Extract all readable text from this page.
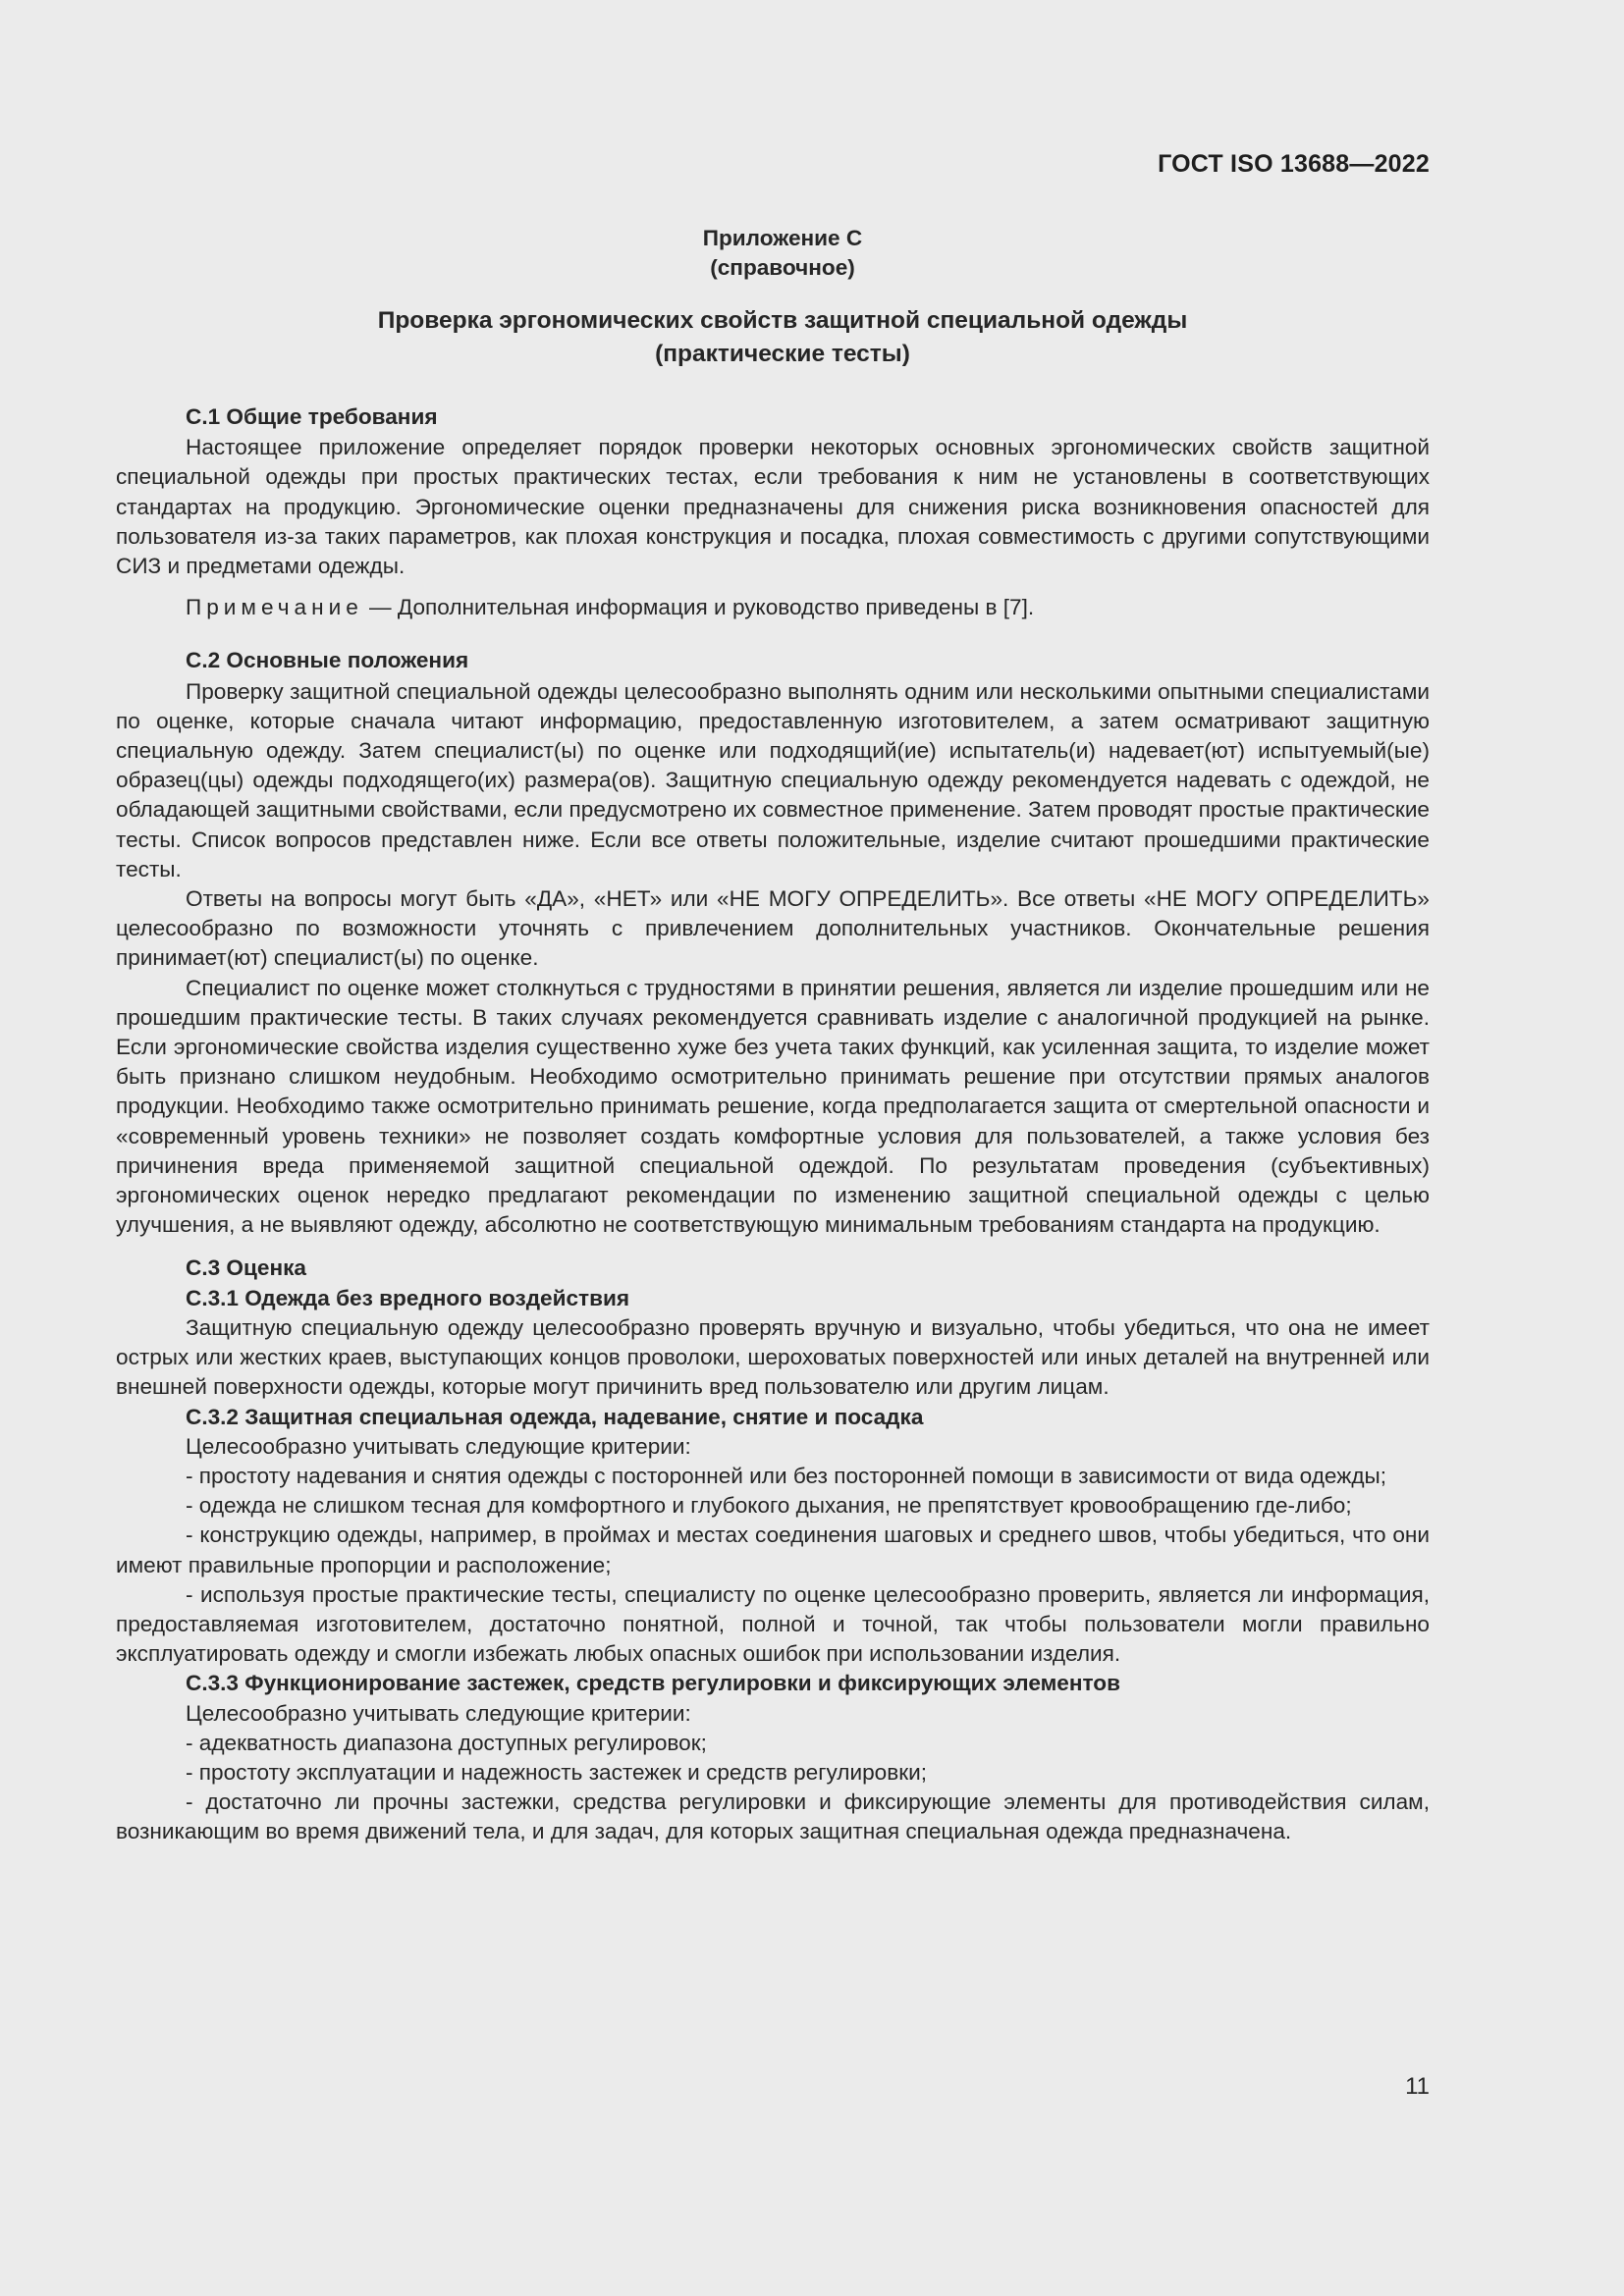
ГОСТ ISO 13688—2022
Приложение С
(справочное)
Проверка эргономических свойств защитной специальной одежды
(практические тесты)
С.1 Общие требования

Настоящее приложение определяет порядок проверки некоторых основных эргономических свойств защитной специальной одежды при простых практических тестах, если требования к ним не установлены в соответствующих стандартах на продукцию. Эргономические оценки предназначены для снижения риска возникновения опасностей для пользователя из-за таких параметров, как плохая конструкция и посадка, плохая совместимость с другими сопутствующими СИЗ и предметами одежды.

Примечание — Дополнительная информация и руководство приведены в [7].
С.2 Основные положения

Проверку защитной специальной одежды целесообразно выполнять одним или несколькими опытными специалистами по оценке, которые сначала читают информацию, предоставленную изготовителем, а затем осматривают защитную специальную одежду. Затем специалист(ы) по оценке или подходящий(ие) испытатель(и) надевает(ют) испытуемый(ые) образец(цы) одежды подходящего(их) размера(ов). Защитную специальную одежду рекомендуется надевать с одеждой, не обладающей защитными свойствами, если предусмотрено их совместное применение. Затем проводят простые практические тесты. Список вопросов представлен ниже. Если все ответы положительные, изделие считают прошедшими практические тесты.

Ответы на вопросы могут быть «ДА», «НЕТ» или «НЕ МОГУ ОПРЕДЕЛИТЬ». Все ответы «НЕ МОГУ ОПРЕДЕЛИТЬ» целесообразно по возможности уточнять с привлечением дополнительных участников. Окончательные решения принимает(ют) специалист(ы) по оценке.

Специалист по оценке может столкнуться с трудностями в принятии решения, является ли изделие прошедшим или не прошедшим практические тесты. В таких случаях рекомендуется сравнивать изделие с аналогичной продукцией на рынке. Если эргономические свойства изделия существенно хуже без учета таких функций, как усиленная защита, то изделие может быть признано слишком неудобным. Необходимо осмотрительно принимать решение при отсутствии прямых аналогов продукции. Необходимо также осмотрительно принимать решение, когда предполагается защита от смертельной опасности и «современный уровень техники» не позволяет создать комфортные условия для пользователей, а также условия без причинения вреда применяемой защитной специальной одеждой. По результатам проведения (субъективных) эргономических оценок нередко предлагают рекомендации по изменению защитной специальной одежды с целью улучшения, а не выявляют одежду, абсолютно не соответствующую минимальным требованиям стандарта на продукцию.

С.3 Оценка
С.3.1 Одежда без вредного воздействия

Защитную специальную одежду целесообразно проверять вручную и визуально, чтобы убедиться, что она не имеет острых или жестких краев, выступающих концов проволоки, шероховатых поверхностей или иных деталей на внутренней или внешней поверхности одежды, которые могут причинить вред пользователю или другим лицам.

С.3.2 Защитная специальная одежда, надевание, снятие и посадка

Целесообразно учитывать следующие критерии:

- простоту надевания и снятия одежды с посторонней или без посторонней помощи в зависимости от вида одежды;

- одежда не слишком тесная для комфортного и глубокого дыхания, не препятствует кровообращению где-либо;

- конструкцию одежды, например, в проймах и местах соединения шаговых и среднего швов, чтобы убедиться, что они имеют правильные пропорции и расположение;

- используя простые практические тесты, специалисту по оценке целесообразно проверить, является ли информация, предоставляемая изготовителем, достаточно понятной, полной и точной, так чтобы пользователи могли правильно эксплуатировать одежду и смогли избежать любых опасных ошибок при использовании изделия.

С.3.3 Функционирование застежек, средств регулировки и фиксирующих элементов

Целесообразно учитывать следующие критерии:

- адекватность диапазона доступных регулировок;

- простоту эксплуатации и надежность застежек и средств регулировки;

- достаточно ли прочны застежки, средства регулировки и фиксирующие элементы для противодействия силам, возникающим во время движений тела, и для задач, для которых защитная специальная одежда предназначена.

11
